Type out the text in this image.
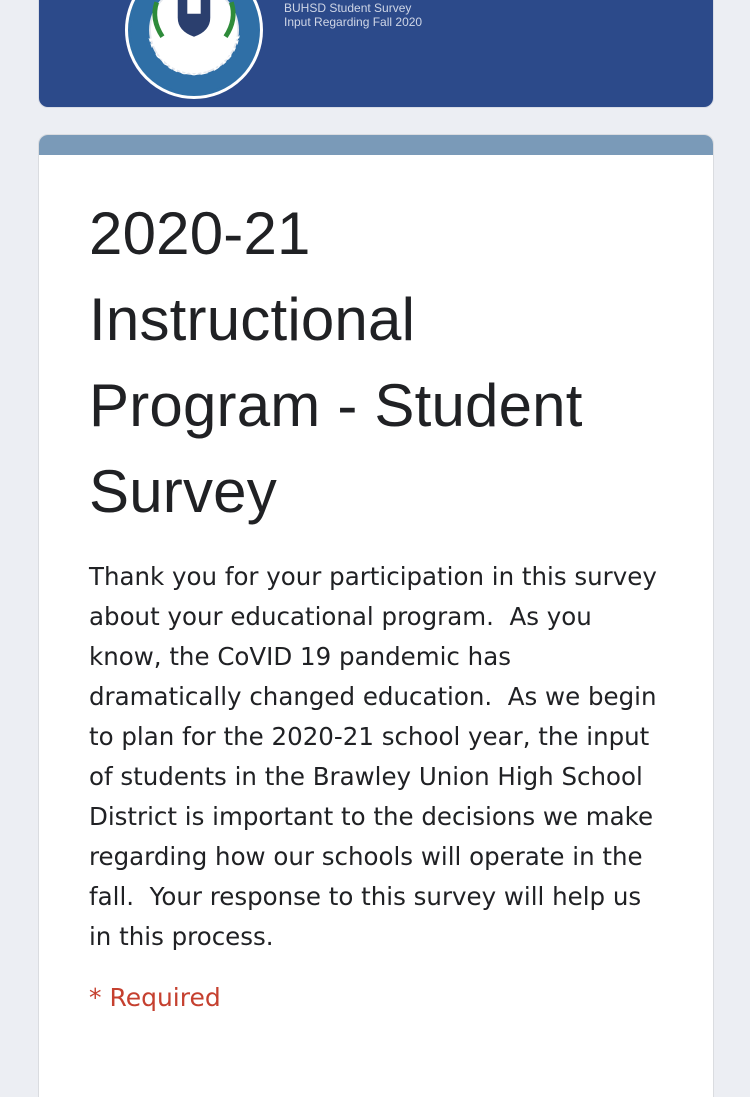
H SCHOOL DISTR
BUHSD Student Survey
Input Regarding Fall 2020
2020-21 Instructional Program - Student Survey

Thank you for your participation in this survey about your educational program.  As you know, the CoVID 19 pandemic has dramatically changed education.  As we begin to plan for the 2020-21 school year, the input of students in the Brawley Union High School District is important to the decisions we make regarding how our schools will operate in the fall.  Your response to this survey will help us in this process.

* Required
